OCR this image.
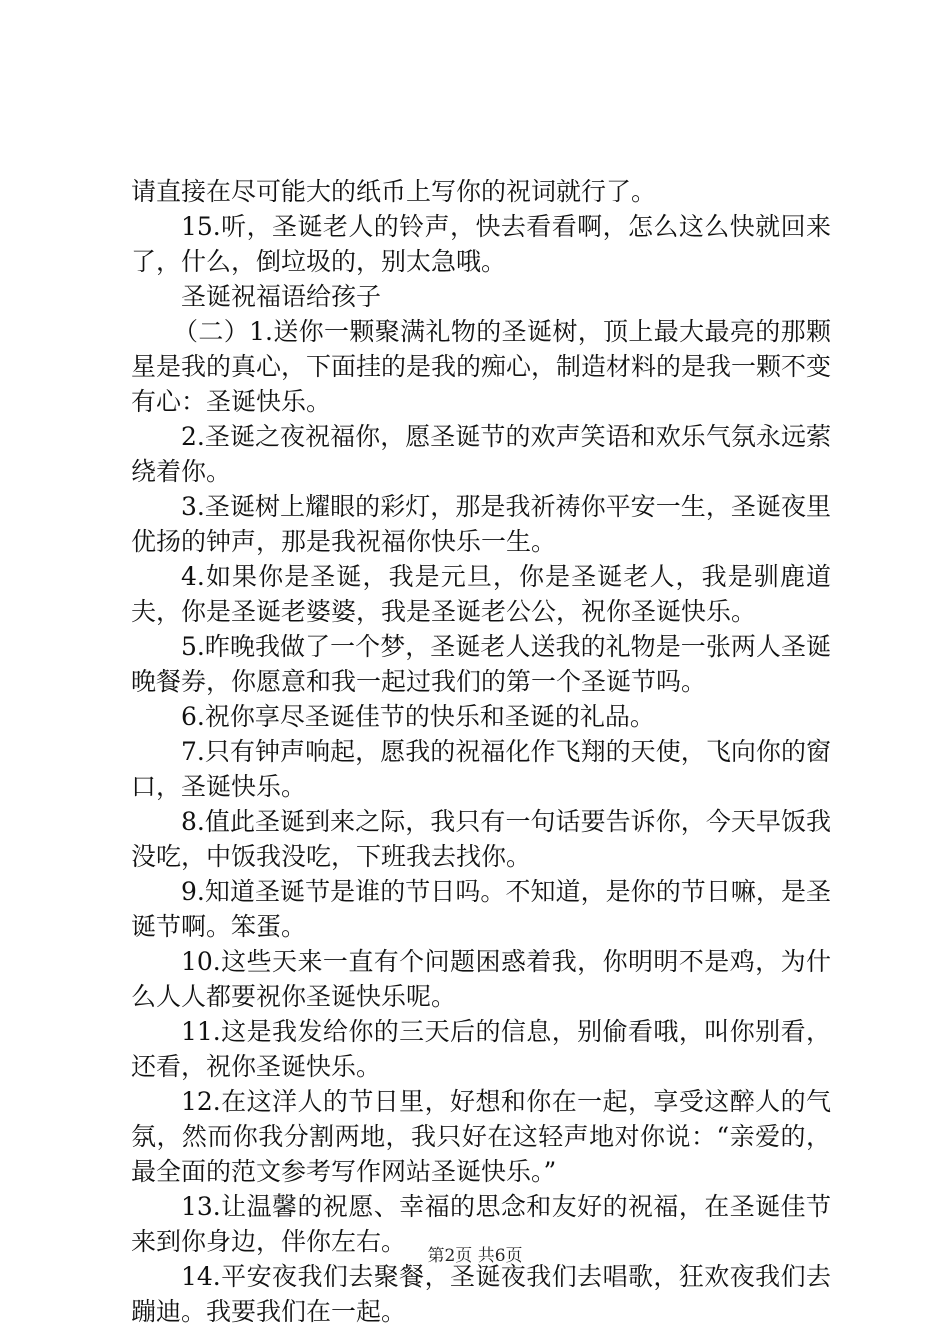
请直接在尽可能大的纸币上写你的祝词就行了。

15.听，圣诞老人的铃声，快去看看啊，怎么这么快就回来了，什么，倒垃圾的，别太急哦。

圣诞祝福语给孩子

（二）1.送你一颗聚满礼物的圣诞树，顶上最大最亮的那颗星是我的真心，下面挂的是我的痴心，制造材料的是我一颗不变有心：圣诞快乐。

2.圣诞之夜祝福你，愿圣诞节的欢声笑语和欢乐气氛永远萦绕着你。

3.圣诞树上耀眼的彩灯，那是我祈祷你平安一生，圣诞夜里优扬的钟声，那是我祝福你快乐一生。

4.如果你是圣诞，我是元旦，你是圣诞老人，我是驯鹿道夫，你是圣诞老婆婆，我是圣诞老公公，祝你圣诞快乐。

5.昨晚我做了一个梦，圣诞老人送我的礼物是一张两人圣诞晚餐券，你愿意和我一起过我们的第一个圣诞节吗。

6.祝你享尽圣诞佳节的快乐和圣诞的礼品。

7.只有钟声响起，愿我的祝福化作飞翔的天使，飞向你的窗口，圣诞快乐。

8.值此圣诞到来之际，我只有一句话要告诉你，今天早饭我没吃，中饭我没吃，下班我去找你。

9.知道圣诞节是谁的节日吗。不知道，是你的节日嘛，是圣诞节啊。笨蛋。

10.这些天来一直有个问题困惑着我，你明明不是鸡，为什么人人都要祝你圣诞快乐呢。

11.这是我发给你的三天后的信息，别偷看哦，叫你别看，还看，祝你圣诞快乐。

12.在这洋人的节日里，好想和你在一起，享受这醉人的气氛，然而你我分割两地，我只好在这轻声地对你说：“亲爱的，最全面的范文参考写作网站圣诞快乐。”

13.让温馨的祝愿、幸福的思念和友好的祝福，在圣诞佳节来到你身边，伴你左右。

14.平安夜我们去聚餐，圣诞夜我们去唱歌，狂欢夜我们去蹦迪。我要我们在一起。

第2页 共6页
